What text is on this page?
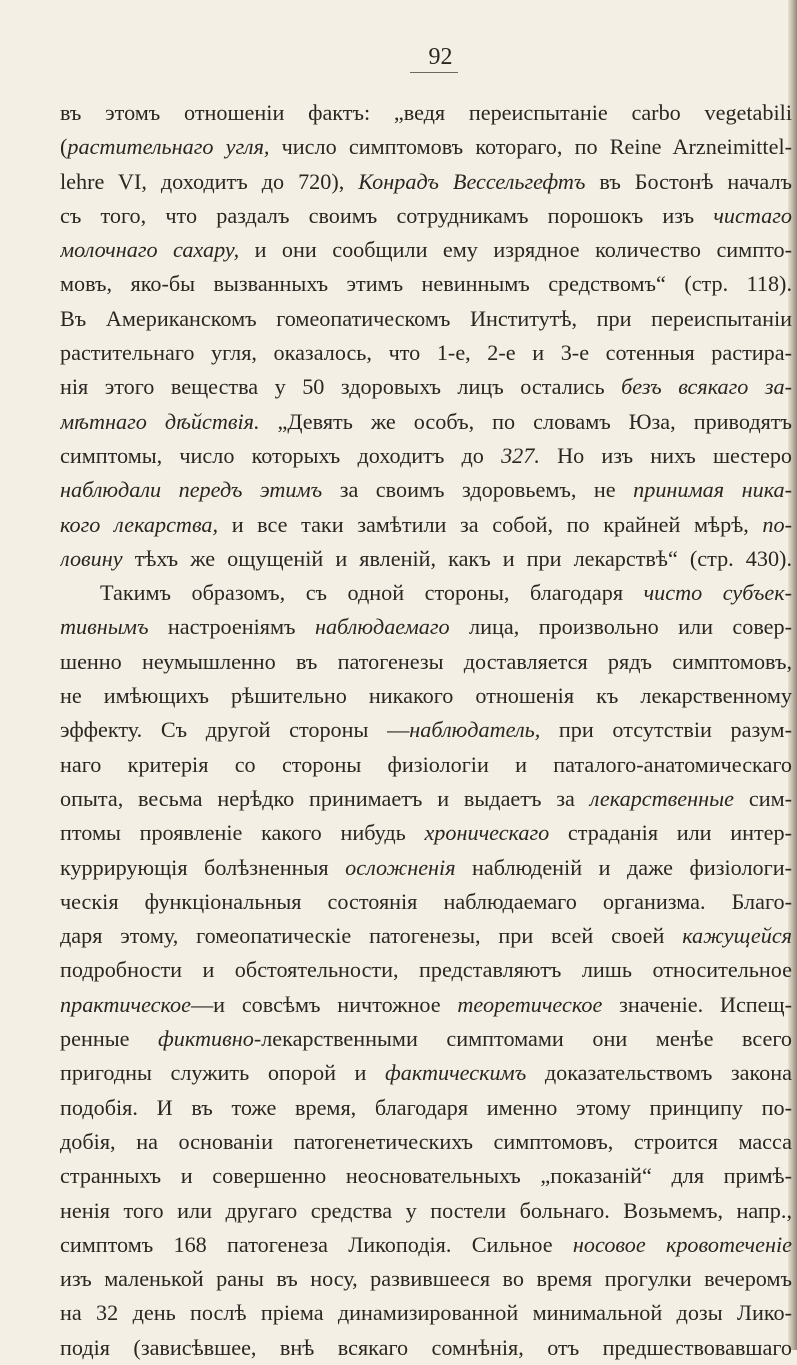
92
въ этомъ отношеніи фактъ: „ведя переиспытаніе carbo vegetabili
(растительнаго угля, число симптомовъ котораго, по Reine Arzneimittel-
lehre VI, доходитъ до 720), Конрадъ Вессельгефтъ въ Бостонѣ началъ
съ того, что раздалъ своимъ сотрудникамъ порошокъ изъ чистаго
молочнаго сахару, и они сообщили ему изрядное количество симпто-
мовъ, яко-бы вызванныхъ этимъ невиннымъ средствомъ“ (стр. 118).
Въ Американскомъ гомеопатическомъ Институтѣ, при переиспытаніи
растительнаго угля, оказалось, что 1-е, 2-е и 3-е сотенныя растира-
нія этого вещества у 50 здоровыхъ лицъ остались безъ всякаго за-
мѣтнаго дѣйствія. „Девять же особъ, по словамъ Юза, приводятъ
симптомы, число которыхъ доходитъ до 327. Но изъ нихъ шестеро
наблюдали передъ этимъ за своимъ здоровьемъ, не принимая ника-
кого лекарства, и все таки замѣтили за собой, по крайней мѣрѣ, по-
ловину тѣхъ же ощущеній и явленій, какъ и при лекарствѣ“ (стр. 430).
Такимъ образомъ, съ одной стороны, благодаря чисто субъек-
тивнымъ настроеніямъ наблюдаемаго лица, произвольно или совер-
шенно неумышленно въ патогенезы доставляется рядъ симптомовъ,
не имѣющихъ рѣшительно никакого отношенія къ лекарственному
эффекту. Съ другой стороны —наблюдатель, при отсутствіи разум-
наго критерія со стороны физіологіи и паталого-анатомическаго
опыта, весьма нерѣдко принимаетъ и выдаетъ за лекарственные сим-
птомы проявленіе какого нибудь хроническаго страданія или интер-
куррирующія болѣзненныя осложненія наблюденій и даже физіологи-
ческія функціональныя состоянія наблюдаемаго организма. Благо-
даря этому, гомеопатическіе патогенезы, при всей своей кажущейся
подробности и обстоятельности, представляютъ лишь относительное
практическое—и совсѣмъ ничтожное теоретическое значеніе. Испещ-
ренные фиктивно-лекарственными симптомами они менѣе всего
пригодны служить опорой и фактическимъ доказательствомъ закона
подобія. И въ тоже время, благодаря именно этому принципу по-
добія, на основаніи патогенетическихъ симптомовъ, строится масса
странныхъ и совершенно неосновательныхъ „показаній“ для примѣ-
ненія того или другаго средства у постели больнаго. Возьмемъ, напр.,
симптомъ 168 патогенеза Ликоподія. Сильное носовое кровотеченіе
изъ маленькой раны въ носу, развившееся во время прогулки вечеромъ
на 32 день послѣ пріема динамизированной минимальной дозы Лико-
подія (зависѣвшее, внѣ всякаго сомнѣнія, отъ предшествовавшаго
